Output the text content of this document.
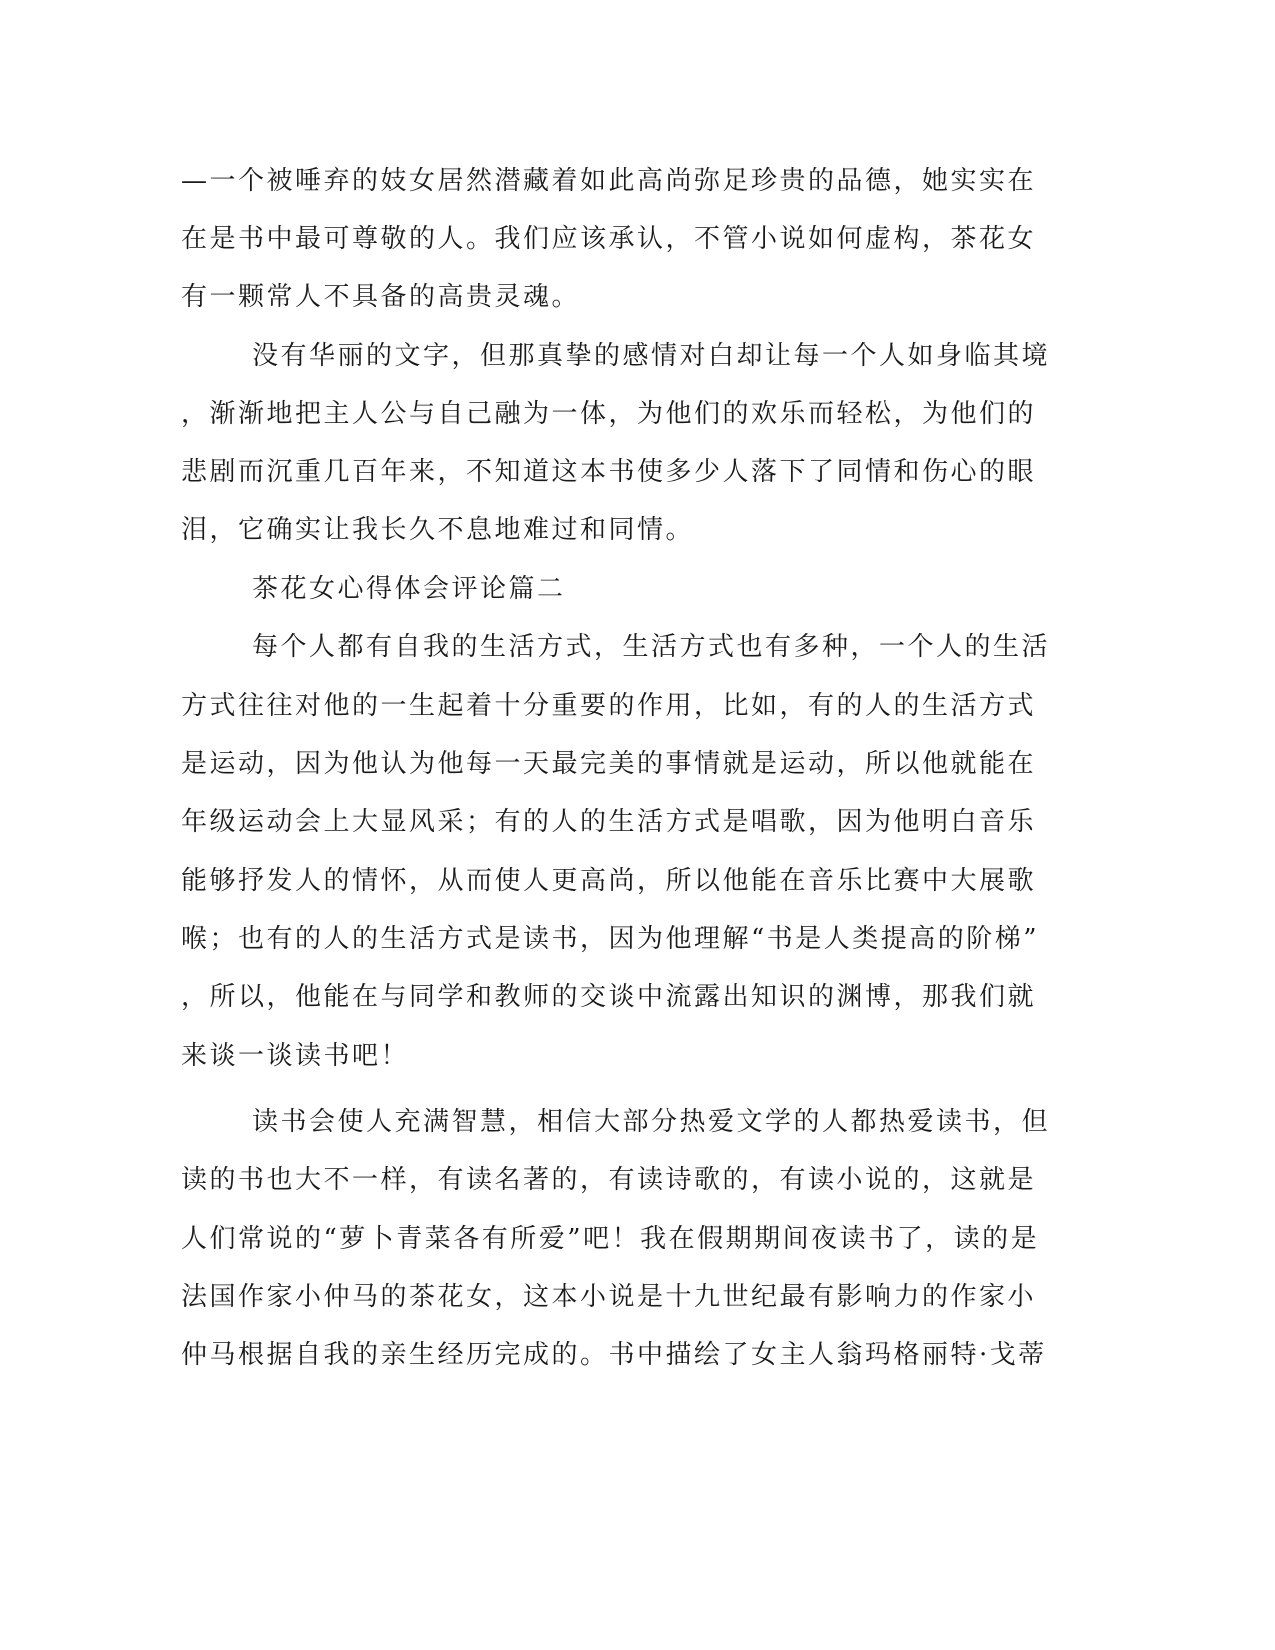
—一个被唾弃的妓女居然潜藏着如此高尚弥足珍贵的品德，她实实在
在是书中最可尊敬的人。我们应该承认，不管小说如何虚构，茶花女
有一颗常人不具备的高贵灵魂。
没有华丽的文字，但那真挚的感情对白却让每一个人如身临其境
，渐渐地把主人公与自己融为一体，为他们的欢乐而轻松，为他们的
悲剧而沉重几百年来，不知道这本书使多少人落下了同情和伤心的眼
泪，它确实让我长久不息地难过和同情。
茶花女心得体会评论篇二
每个人都有自我的生活方式，生活方式也有多种，一个人的生活
方式往往对他的一生起着十分重要的作用，比如，有的人的生活方式
是运动，因为他认为他每一天最完美的事情就是运动，所以他就能在
年级运动会上大显风采；有的人的生活方式是唱歌，因为他明白音乐
能够抒发人的情怀，从而使人更高尚，所以他能在音乐比赛中大展歌
喉；也有的人的生活方式是读书，因为他理解“书是人类提高的阶梯”
，所以，他能在与同学和教师的交谈中流露出知识的渊博，那我们就
来谈一谈读书吧！
读书会使人充满智慧，相信大部分热爱文学的人都热爱读书，但
读的书也大不一样，有读名著的，有读诗歌的，有读小说的，这就是
人们常说的“萝卜青菜各有所爱”吧！我在假期期间夜读书了，读的是
法国作家小仲马的茶花女，这本小说是十九世纪最有影响力的作家小
仲马根据自我的亲生经历完成的。书中描绘了女主人翁玛格丽特·戈蒂
